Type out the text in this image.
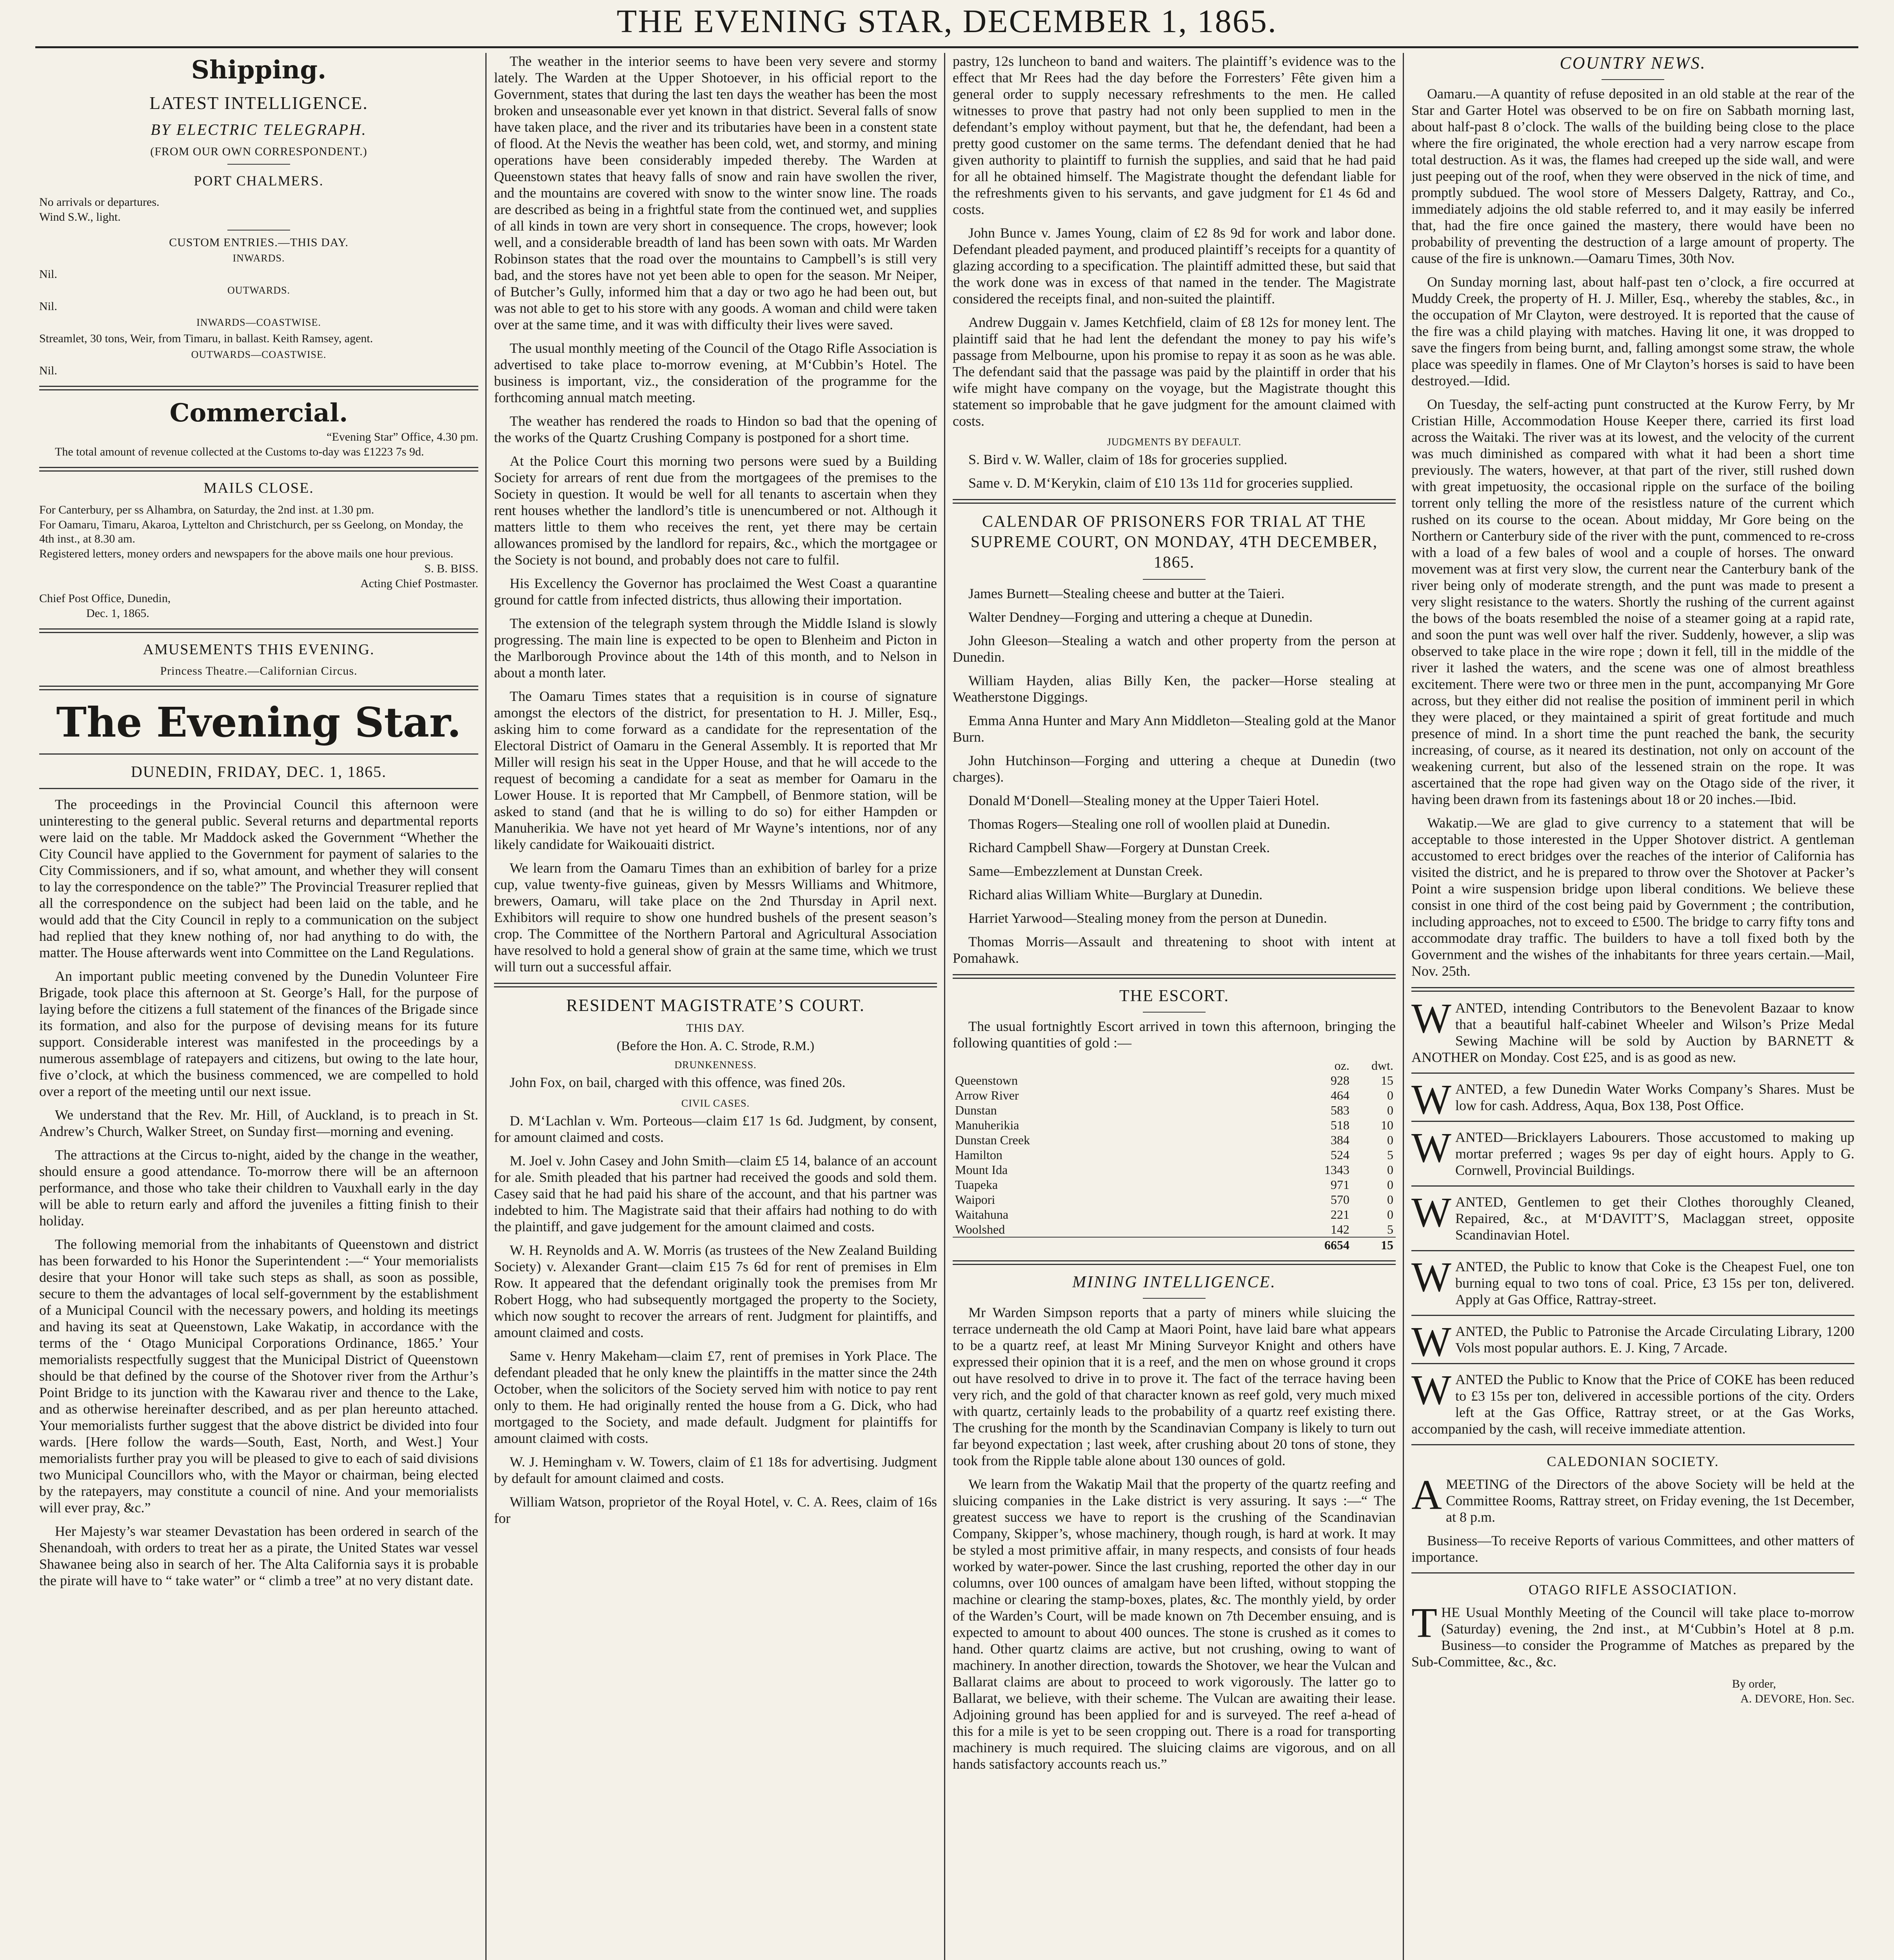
THE EVENING STAR, DECEMBER 1, 1865.
Shipping.
LATEST INTELLIGENCE.
BY ELECTRIC TELEGRAPH.
(FROM OUR OWN CORRESPONDENT.)
PORT CHALMERS.
No arrivals or departures.
Wind S.W., light.
CUSTOM ENTRIES.—THIS DAY.
INWARDS.
Nil.
OUTWARDS.
Nil.
INWARDS—COASTWISE.
Streamlet, 30 tons, Weir, from Timaru, in ballast. Keith Ramsey, agent.
OUTWARDS—COASTWISE.
Nil.
Commercial.
“Evening Star” Office, 4.30 pm.

The total amount of revenue collected at the Customs to-day was £1223 7s 9d.

MAILS CLOSE.
For Canterbury, per ss Alhambra, on Saturday, the 2nd inst. at 1.30 pm.
For Oamaru, Timaru, Akaroa, Lyttelton and Christchurch, per ss Geelong, on Monday, the 4th inst., at 8.30 am.
Registered letters, money orders and newspapers for the above mails one hour previous.
S. B. BISS.
Acting Chief Postmaster.
Chief Post Office, Dunedin,
Dec. 1, 1865.
AMUSEMENTS THIS EVENING.
Princess Theatre.—Californian Circus.
The Evening Star.
DUNEDIN, FRIDAY, DEC. 1, 1865.

The proceedings in the Provincial Council this afternoon were uninteresting to the general public. Several returns and departmental reports were laid on the table. Mr Maddock asked the Government “Whether the City Council have applied to the Government for payment of salaries to the City Commissioners, and if so, what amount, and whether they will consent to lay the correspondence on the table?” The Provincial Treasurer replied that all the correspondence on the subject had been laid on the table, and he would add that the City Council in reply to a communication on the subject had replied that they knew nothing of, nor had anything to do with, the matter. The House afterwards went into Committee on the Land Regulations.

An important public meeting convened by the Dunedin Volunteer Fire Brigade, took place this afternoon at St. George’s Hall, for the purpose of laying before the citizens a full statement of the finances of the Brigade since its formation, and also for the purpose of devising means for its future support. Considerable interest was manifested in the proceedings by a numerous assemblage of ratepayers and citizens, but owing to the late hour, five o’clock, at which the business commenced, we are compelled to hold over a report of the meeting until our next issue.

We understand that the Rev. Mr. Hill, of Auckland, is to preach in St. Andrew’s Church, Walker Street, on Sunday first—morning and evening.

The attractions at the Circus to-night, aided by the change in the weather, should ensure a good attendance. To-morrow there will be an afternoon performance, and those who take their children to Vauxhall early in the day will be able to return early and afford the juveniles a fitting finish to their holiday.

The following memorial from the inhabitants of Queenstown and district has been forwarded to his Honor the Superintendent :—“ Your memorialists desire that your Honor will take such steps as shall, as soon as possible, secure to them the advantages of local self-government by the establishment of a Municipal Council with the necessary powers, and holding its meetings and having its seat at Queenstown, Lake Wakatip, in accordance with the terms of the ‘ Otago Municipal Corporations Ordinance, 1865.’ Your memorialists respectfully suggest that the Municipal District of Queenstown should be that defined by the course of the Shotover river from the Arthur’s Point Bridge to its junction with the Kawarau river and thence to the Lake, and as otherwise hereinafter described, and as per plan hereunto attached. Your memorialists further suggest that the above district be divided into four wards. [Here follow the wards—South, East, North, and West.] Your memorialists further pray you will be pleased to give to each of said divisions two Municipal Councillors who, with the Mayor or chairman, being elected by the ratepayers, may constitute a council of nine. And your memorialists will ever pray, &c.”

Her Majesty’s war steamer Devastation has been ordered in search of the Shenandoah, with orders to treat her as a pirate, the United States war vessel Shawanee being also in search of her. The Alta California says it is probable the pirate will have to “ take water” or “ climb a tree” at no very distant date.

The weather in the interior seems to have been very severe and stormy lately. The Warden at the Upper Shotoever, in his official report to the Government, states that during the last ten days the weather has been the most broken and unseasonable ever yet known in that district. Several falls of snow have taken place, and the river and its tributaries have been in a constent state of flood. At the Nevis the weather has been cold, wet, and stormy, and mining operations have been considerably impeded thereby. The Warden at Queenstown states that heavy falls of snow and rain have swollen the river, and the mountains are covered with snow to the winter snow line. The roads are described as being in a frightful state from the continued wet, and supplies of all kinds in town are very short in consequence. The crops, however; look well, and a considerable breadth of land has been sown with oats. Mr Warden Robinson states that the road over the mountains to Campbell’s is still very bad, and the stores have not yet been able to open for the season. Mr Neiper, of Butcher’s Gully, informed him that a day or two ago he had been out, but was not able to get to his store with any goods. A woman and child were taken over at the same time, and it was with difficulty their lives were saved.

The usual monthly meeting of the Council of the Otago Rifle Association is advertised to take place to-morrow evening, at M‘Cubbin’s Hotel. The business is important, viz., the consideration of the programme for the forthcoming annual match meeting.

The weather has rendered the roads to Hindon so bad that the opening of the works of the Quartz Crushing Company is postponed for a short time.

At the Police Court this morning two persons were sued by a Building Society for arrears of rent due from the mortgagees of the premises to the Society in question. It would be well for all tenants to ascertain when they rent houses whether the landlord’s title is unencumbered or not. Although it matters little to them who receives the rent, yet there may be certain allowances promised by the landlord for repairs, &c., which the mortgagee or the Society is not bound, and probably does not care to fulfil.

His Excellency the Governor has proclaimed the West Coast a quarantine ground for cattle from infected districts, thus allowing their importation.

The extension of the telegraph system through the Middle Island is slowly progressing. The main line is expected to be open to Blenheim and Picton in the Marlborough Province about the 14th of this month, and to Nelson in about a month later.

The Oamaru Times states that a requisition is in course of signature amongst the electors of the district, for presentation to H. J. Miller, Esq., asking him to come forward as a candidate for the representation of the Electoral District of Oamaru in the General Assembly. It is reported that Mr Miller will resign his seat in the Upper House, and that he will accede to the request of becoming a candidate for a seat as member for Oamaru in the Lower House. It is reported that Mr Campbell, of Benmore station, will be asked to stand (and that he is willing to do so) for either Hampden or Manuherikia. We have not yet heard of Mr Wayne’s intentions, nor of any likely candidate for Waikouaiti district.

We learn from the Oamaru Times than an exhibition of barley for a prize cup, value twenty-five guineas, given by Messrs Williams and Whitmore, brewers, Oamaru, will take place on the 2nd Thursday in April next. Exhibitors will require to show one hundred bushels of the present season’s crop. The Committee of the Northern Partoral and Agricultural Association have resolved to hold a general show of grain at the same time, which we trust will turn out a successful affair.

RESIDENT MAGISTRATE’S COURT.
THIS DAY.
(Before the Hon. A. C. Strode, R.M.)
DRUNKENNESS.

John Fox, on bail, charged with this offence, was fined 20s.

CIVIL CASES.

D. M‘Lachlan v. Wm. Porteous—claim £17 1s 6d. Judgment, by consent, for amount claimed and costs.

M. Joel v. John Casey and John Smith—claim £5 14, balance of an account for ale. Smith pleaded that his partner had received the goods and sold them. Casey said that he had paid his share of the account, and that his partner was indebted to him. The Magistrate said that their affairs had nothing to do with the plaintiff, and gave judgement for the amount claimed and costs.

W. H. Reynolds and A. W. Morris (as trustees of the New Zealand Building Society) v. Alexander Grant—claim £15 7s 6d for rent of premises in Elm Row. It appeared that the defendant originally took the premises from Mr Robert Hogg, who had subsequently mortgaged the property to the Society, which now sought to recover the arrears of rent. Judgment for plaintiffs, and amount claimed and costs.

Same v. Henry Makeham—claim £7, rent of premises in York Place. The defendant pleaded that he only knew the plaintiffs in the matter since the 24th October, when the solicitors of the Society served him with notice to pay rent only to them. He had originally rented the house from a G. Dick, who had mortgaged to the Society, and made default. Judgment for plaintiffs for amount claimed with costs.

W. J. Hemingham v. W. Towers, claim of £1 18s for advertising. Judgment by default for amount claimed and costs.

William Watson, proprietor of the Royal Hotel, v. C. A. Rees, claim of 16s for

pastry, 12s luncheon to band and waiters. The plaintiff’s evidence was to the effect that Mr Rees had the day before the Forresters’ Fête given him a general order to supply necessary refreshments to the men. He called witnesses to prove that pastry had not only been supplied to men in the defendant’s employ without payment, but that he, the defendant, had been a pretty good customer on the same terms. The defendant denied that he had given authority to plaintiff to furnish the supplies, and said that he had paid for all he obtained himself. The Magistrate thought the defendant liable for the refreshments given to his servants, and gave judgment for £1 4s 6d and costs.

John Bunce v. James Young, claim of £2 8s 9d for work and labor done. Defendant pleaded payment, and produced plaintiff’s receipts for a quantity of glazing according to a specification. The plaintiff admitted these, but said that the work done was in excess of that named in the tender. The Magistrate considered the receipts final, and non-suited the plaintiff.

Andrew Duggain v. James Ketchfield, claim of £8 12s for money lent. The plaintiff said that he had lent the defendant the money to pay his wife’s passage from Melbourne, upon his promise to repay it as soon as he was able. The defendant said that the passage was paid by the plaintiff in order that his wife might have company on the voyage, but the Magistrate thought this statement so improbable that he gave judgment for the amount claimed with costs.

JUDGMENTS BY DEFAULT.

S. Bird v. W. Waller, claim of 18s for groceries supplied.

Same v. D. M‘Kerykin, claim of £10 13s 11d for groceries supplied.

CALENDAR OF PRISONERS FOR TRIAL AT THE SUPREME COURT, ON MONDAY, 4TH DECEMBER, 1865.

James Burnett—Stealing cheese and butter at the Taieri.

Walter Dendney—Forging and uttering a cheque at Dunedin.

John Gleeson—Stealing a watch and other property from the person at Dunedin.

William Hayden, alias Billy Ken, the packer—Horse stealing at Weatherstone Diggings.

Emma Anna Hunter and Mary Ann Middleton—Stealing gold at the Manor Burn.

John Hutchinson—Forging and uttering a cheque at Dunedin (two charges).

Donald M‘Donell—Stealing money at the Upper Taieri Hotel.

Thomas Rogers—Stealing one roll of woollen plaid at Dunedin.

Richard Campbell Shaw—Forgery at Dunstan Creek.

Same—Embezzlement at Dunstan Creek.

Richard alias William White—Burglary at Dunedin.

Harriet Yarwood—Stealing money from the person at Dunedin.

Thomas Morris—Assault and threatening to shoot with intent at Pomahawk.

THE ESCORT.

The usual fortnightly Escort arrived in town this afternoon, bringing the following quantities of gold :—

	oz.	dwt.
Queenstown	928	15
Arrow River	464	0
Dunstan	583	0
Manuherikia	518	10
Dunstan Creek	384	0
Hamilton	524	5
Mount Ida	1343	0
Tuapeka	971	0
Waipori	570	0
Waitahuna	221	0
Woolshed	142	5
	6654	15
MINING INTELLIGENCE.

Mr Warden Simpson reports that a party of miners while sluicing the terrace underneath the old Camp at Maori Point, have laid bare what appears to be a quartz reef, at least Mr Mining Surveyor Knight and others have expressed their opinion that it is a reef, and the men on whose ground it crops out have resolved to drive in to prove it. The fact of the terrace having been very rich, and the gold of that character known as reef gold, very much mixed with quartz, certainly leads to the probability of a quartz reef existing there. The crushing for the month by the Scandinavian Company is likely to turn out far beyond expectation ; last week, after crushing about 20 tons of stone, they took from the Ripple table alone about 130 ounces of gold.

We learn from the Wakatip Mail that the property of the quartz reefing and sluicing companies in the Lake district is very assuring. It says :—“ The greatest success we have to report is the crushing of the Scandinavian Company, Skipper’s, whose machinery, though rough, is hard at work. It may be styled a most primitive affair, in many respects, and consists of four heads worked by water-power. Since the last crushing, reported the other day in our columns, over 100 ounces of amalgam have been lifted, without stopping the machine or clearing the stamp-boxes, plates, &c. The monthly yield, by order of the Warden’s Court, will be made known on 7th December ensuing, and is expected to amount to about 400 ounces. The stone is crushed as it comes to hand. Other quartz claims are active, but not crushing, owing to want of machinery. In another direction, towards the Shotover, we hear the Vulcan and Ballarat claims are about to proceed to work vigorously. The latter go to Ballarat, we believe, with their scheme. The Vulcan are awaiting their lease. Adjoining ground has been applied for and is surveyed. The reef a-head of this for a mile is yet to be seen cropping out. There is a road for transporting machinery is much required. The sluicing claims are vigorous, and on all hands satisfactory accounts reach us.”

COUNTRY NEWS.

Oamaru.—A quantity of refuse deposited in an old stable at the rear of the Star and Garter Hotel was observed to be on fire on Sabbath morning last, about half-past 8 o’clock. The walls of the building being close to the place where the fire originated, the whole erection had a very narrow escape from total destruction. As it was, the flames had creeped up the side wall, and were just peeping out of the roof, when they were observed in the nick of time, and promptly subdued. The wool store of Messers Dalgety, Rattray, and Co., immediately adjoins the old stable referred to, and it may easily be inferred that, had the fire once gained the mastery, there would have been no probability of preventing the destruction of a large amount of property. The cause of the fire is unknown.—Oamaru Times, 30th Nov.

On Sunday morning last, about half-past ten o’clock, a fire occurred at Muddy Creek, the property of H. J. Miller, Esq., whereby the stables, &c., in the occupation of Mr Clayton, were destroyed. It is reported that the cause of the fire was a child playing with matches. Having lit one, it was dropped to save the fingers from being burnt, and, falling amongst some straw, the whole place was speedily in flames. One of Mr Clayton’s horses is said to have been destroyed.—Idid.

On Tuesday, the self-acting punt constructed at the Kurow Ferry, by Mr Cristian Hille, Accommodation House Keeper there, carried its first load across the Waitaki. The river was at its lowest, and the velocity of the current was much diminished as compared with what it had been a short time previously. The waters, however, at that part of the river, still rushed down with great impetuosity, the occasional ripple on the surface of the boiling torrent only telling the more of the resistless nature of the current which rushed on its course to the ocean. About midday, Mr Gore being on the Northern or Canterbury side of the river with the punt, commenced to re-cross with a load of a few bales of wool and a couple of horses. The onward movement was at first very slow, the current near the Canterbury bank of the river being only of moderate strength, and the punt was made to present a very slight resistance to the waters. Shortly the rushing of the current against the bows of the boats resembled the noise of a steamer going at a rapid rate, and soon the punt was well over half the river. Suddenly, however, a slip was observed to take place in the wire rope ; down it fell, till in the middle of the river it lashed the waters, and the scene was one of almost breathless excitement. There were two or three men in the punt, accompanying Mr Gore across, but they either did not realise the position of imminent peril in which they were placed, or they maintained a spirit of great fortitude and much presence of mind. In a short time the punt reached the bank, the security increasing, of course, as it neared its destination, not only on account of the weakening current, but also of the lessened strain on the rope. It was ascertained that the rope had given way on the Otago side of the river, it having been drawn from its fastenings about 18 or 20 inches.—Ibid.

Wakatip.—We are glad to give currency to a statement that will be acceptable to those interested in the Upper Shotover district. A gentleman accustomed to erect bridges over the reaches of the interior of California has visited the district, and he is prepared to throw over the Shotover at Packer’s Point a wire suspension bridge upon liberal conditions. We believe these consist in one third of the cost being paid by Government ; the contribution, including approaches, not to exceed to £500. The bridge to carry fifty tons and accommodate dray traffic. The builders to have a toll fixed both by the Government and the wishes of the inhabitants for three years certain.—Mail, Nov. 25th.

W ANTED, intending Contributors to the Benevolent Bazaar to know that a beautiful half-cabinet Wheeler and Wilson’s Prize Medal Sewing Machine will be sold by Auction by BARNETT & ANOTHER on Monday. Cost £25, and is as good as new.

W ANTED, a few Dunedin Water Works Company’s Shares. Must be low for cash. Address, Aqua, Box 138, Post Office.

W ANTED—Bricklayers Labourers. Those accustomed to making up mortar preferred ; wages 9s per day of eight hours. Apply to G. Cornwell, Provincial Buildings.

W ANTED, Gentlemen to get their Clothes thoroughly Cleaned, Repaired, &c., at M‘DAVITT’S, Maclaggan street, opposite Scandinavian Hotel.

W ANTED, the Public to know that Coke is the Cheapest Fuel, one ton burning equal to two tons of coal. Price, £3 15s per ton, delivered. Apply at Gas Office, Rattray-street.

W ANTED, the Public to Patronise the Arcade Circulating Library, 1200 Vols most popular authors. E. J. King, 7 Arcade.

W ANTED the Public to Know that the Price of COKE has been reduced to £3 15s per ton, delivered in accessible portions of the city. Orders left at the Gas Office, Rattray street, or at the Gas Works, accompanied by the cash, will receive immediate attention.

CALEDONIAN SOCIETY.
A MEETING of the Directors of the above Society will be held at the Committee Rooms, Rattray street, on Friday evening, the 1st December, at 8 p.m.

Business—To receive Reports of various Committees, and other matters of importance.

OTAGO RIFLE ASSOCIATION.
T HE Usual Monthly Meeting of the Council will take place to-morrow (Saturday) evening, the 2nd inst., at M‘Cubbin’s Hotel at 8 p.m. Business—to consider the Programme of Matches as prepared by the Sub-Committee, &c., &c.

By order,
A. DEVORE, Hon. Sec.
